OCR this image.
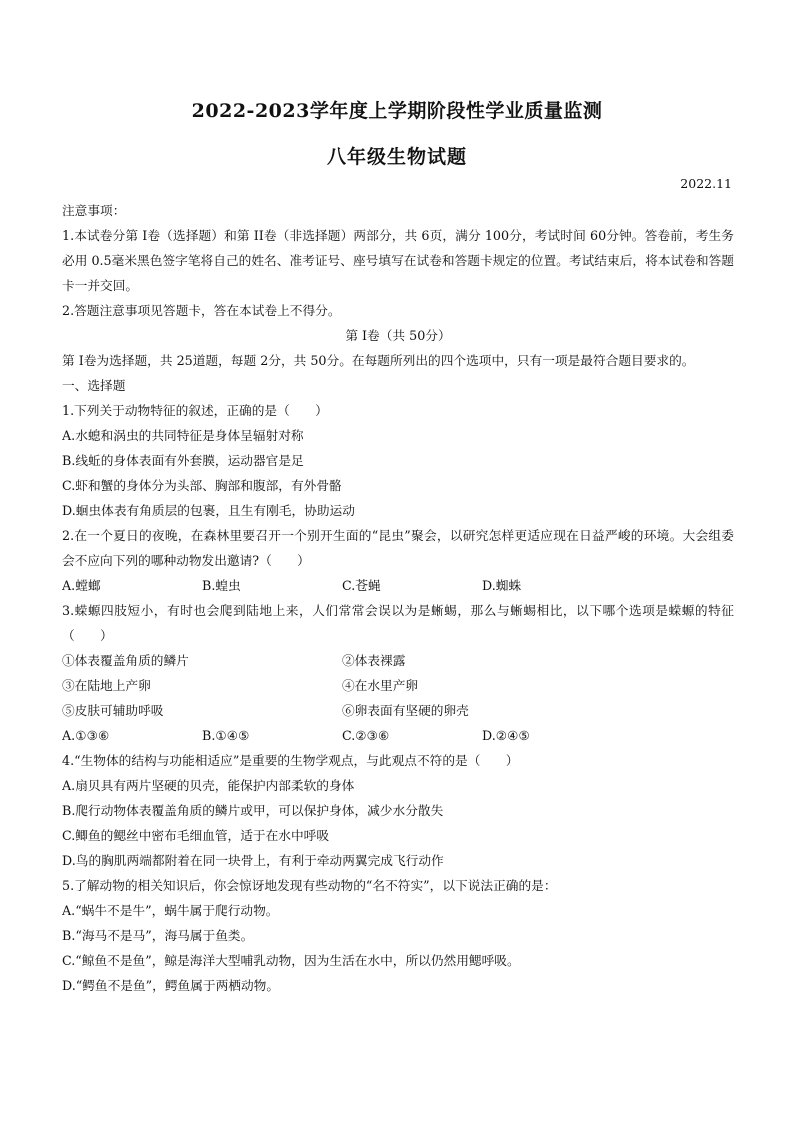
2022-2023学年度上学期阶段性学业质量监测
八年级生物试题
2022.11
注意事项：
1.本试卷分第 I卷（选择题）和第 II卷（非选择题）两部分，共 6页，满分 100分，考试时间 60分钟。答卷前，考生务必用 0.5毫米黑色签字笔将自己的姓名、准考证号、座号填写在试卷和答题卡规定的位置。考试结束后，将本试卷和答题卡一并交回。
2.答题注意事项见答题卡，答在本试卷上不得分。
第 I卷（共 50分）
第 I卷为选择题，共 25道题，每题 2分，共 50分。在每题所列出的四个选项中，只有一项是最符合题目要求的。
一、选择题
1.下列关于动物特征的叙述，正确的是（　　）
A.水螅和涡虫的共同特征是身体呈辐射对称
B.线蚯的身体表面有外套膜，运动器官是足
C.虾和蟹的身体分为头部、胸部和腹部，有外骨骼
D.蛔虫体表有角质层的包裹，且生有刚毛，协助运动
2.在一个夏日的夜晚，在森林里要召开一个别开生面的“昆虫”聚会，以研究怎样更适应现在日益严峻的环境。大会组委会不应向下列的哪种动物发出邀请?（　　）
A.螳螂	B.蝗虫	C.苍蝇	D.蜘蛛
3.蝾螈四肢短小，有时也会爬到陆地上来，人们常常会误以为是蜥蜴，那么与蜥蜴相比，以下哪个选项是蝾螈的特征（　　）
①体表覆盖角质的鳞片	②体表裸露
③在陆地上产卵	④在水里产卵
⑤皮肤可辅助呼吸	⑥卵表面有坚硬的卵壳
A.①③⑥	B.①④⑤	C.②③⑥	D.②④⑤
4.“生物体的结构与功能相适应”是重要的生物学观点，与此观点不符的是（　　）
A.扇贝具有两片坚硬的贝壳，能保护内部柔软的身体
B.爬行动物体表覆盖角质的鳞片或甲，可以保护身体，减少水分散失
C.鲫鱼的鳃丝中密布毛细血管，适于在水中呼吸
D.鸟的胸肌两端都附着在同一块骨上，有利于牵动两翼完成飞行动作
5.了解动物的相关知识后，你会惊讶地发现有些动物的“名不符实”，以下说法正确的是：
A.“蜗牛不是牛”，蜗牛属于爬行动物。
B.“海马不是马”，海马属于鱼类。
C.“鲸鱼不是鱼”，鲸是海洋大型哺乳动物，因为生活在水中，所以仍然用鳃呼吸。
D.“鳄鱼不是鱼”，鳄鱼属于两栖动物。
